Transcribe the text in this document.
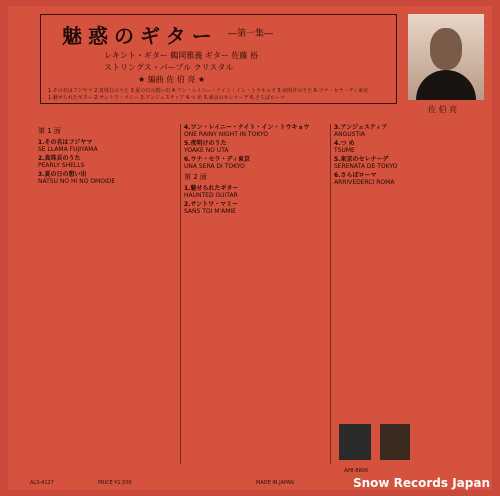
魅惑のギター ―第一集―
レキント・ギター 鶴岡雅義 ギター 佐藤 裕
ストリングス・パープル クリスタル
★ 編曲 佐 伯 亮 ★
1.その名はフジヤマ 2.真珠貝のうた 3.夏の日の想い出 4.ワン・レイニー・ナイト・イン・トウキョウ 5.夜明けのうた 6.ウナ・セラ・ディ東京
1.魅せられたギター 2.サントワ・マミー 3.アンジェスティア 4.つ め 5.東京のセレナーデ 6.さらばローマ
佐 伯 亮
第 1 面
1.その名はフジヤマ
SE LLAMA FUJIYAMA
2.真珠貝のうた
PEARLY SHELLS
3.夏の日の想い出
NATSU NO HI NO OMOIDE
4.ワン・レイニー・ナイト・イン・トウキョウ
ONE RAINY NIGHT IN TOKYO
5.夜明けのうた
YOAKE NO UTA
6.ウナ・セラ・ディ東京
UNA SERA DI TOKYO
第 2 面
1.魅せられたギター
HAUNTED GUITAR
2.サントワ・マミー
SANS TOI M'AMIE
3.アンジェスティア
ANGUSTIA
4.つ め
TSUME
5.東京のセレナーデ
SERENATA DE TOKYO
6.さらばローマ
ARRIVEDERCI ROMA
ALS-4127	PRICE ¥1,500	MADE IN JAPAN
AP8-8806
Snow Records Japan
